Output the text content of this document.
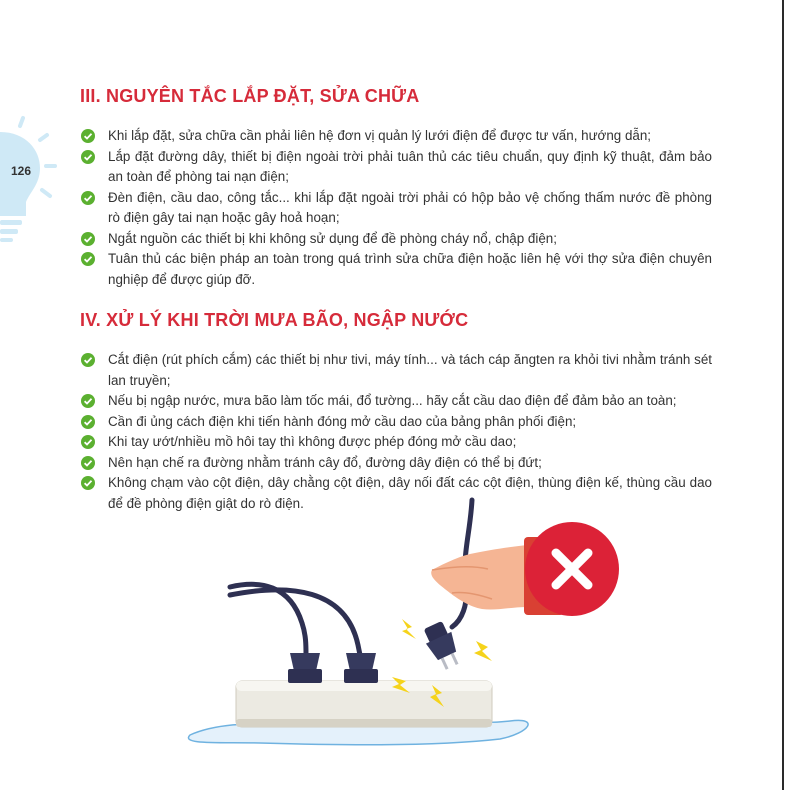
126
III. NGUYÊN TẮC LẮP ĐẶT, SỬA CHỮA
Khi lắp đặt, sửa chữa cần phải liên hệ đơn vị quản lý lưới điện để được tư vấn, hướng dẫn;
Lắp đặt đường dây, thiết bị điện ngoài trời phải tuân thủ các tiêu chuẩn, quy định kỹ thuật, đảm bảo an toàn để phòng tai nạn điện;
Đèn điện, cầu dao, công tắc... khi lắp đặt ngoài trời phải có hộp bảo vệ chống thấm nước đề phòng rò điện gây tai nạn hoặc gây hoả hoạn;
Ngắt nguồn các thiết bị khi không sử dụng để đề phòng cháy nổ, chập điện;
Tuân thủ các biện pháp an toàn trong quá trình sửa chữa điện hoặc liên hệ với thợ sửa điện chuyên nghiệp để được giúp đỡ.
IV. XỬ LÝ KHI TRỜI MƯA BÃO, NGẬP NƯỚC
Cắt điện (rút phích cắm) các thiết bị như tivi, máy tính... và tách cáp ăngten ra khỏi tivi nhằm tránh sét lan truyền;
Nếu bị ngập nước, mưa bão làm tốc mái, đổ tường... hãy cắt cầu dao điện để đảm bảo an toàn;
Cần đi ủng cách điện khi tiến hành đóng mở cầu dao của bảng phân phối điện;
Khi tay ướt/nhiều mồ hôi tay thì không được phép đóng mở cầu dao;
Nên hạn chế ra đường nhằm tránh cây đổ, đường dây điện có thể bị đứt;
Không chạm vào cột điện, dây chằng cột điện, dây nối đất các cột điện, thùng điện kế, thùng cầu dao để đề phòng điện giật do rò điện.
